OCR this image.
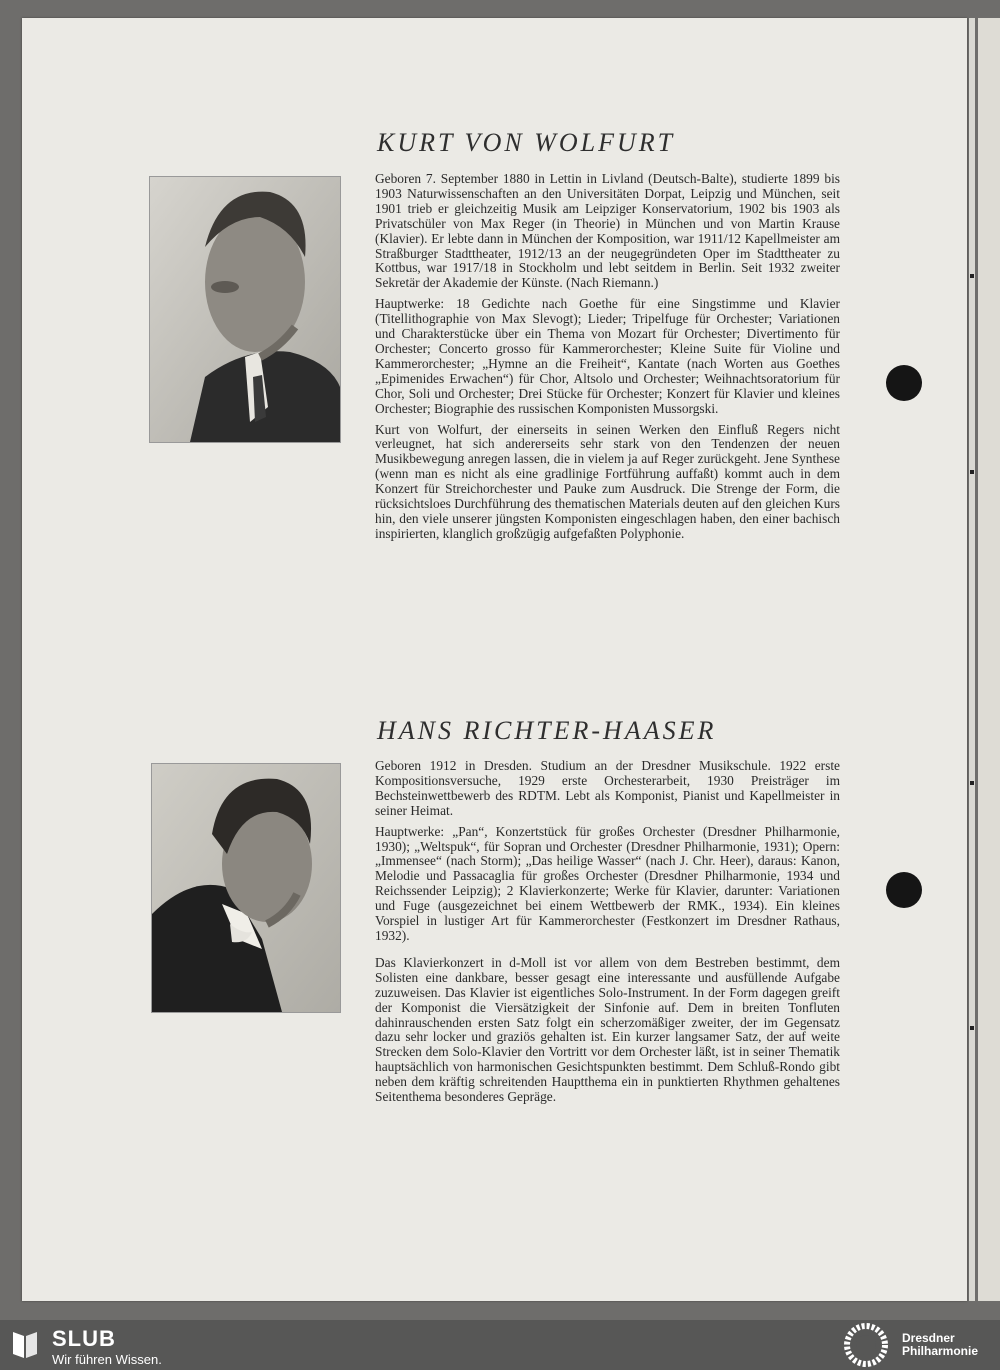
KURT VON WOLFURT

Geboren 7. September 1880 in Lettin in Livland (Deutsch-Balte), studierte 1899 bis 1903 Naturwissenschaften an den Universitäten Dorpat, Leipzig und München, seit 1901 trieb er gleichzeitig Musik am Leipziger Konservatorium, 1902 bis 1903 als Privatschüler von Max Reger (in Theorie) in München und von Martin Krause (Klavier). Er lebte dann in München der Komposition, war 1911/12 Kapellmeister am Straßburger Stadttheater, 1912/13 an der neugegründeten Oper im Stadttheater zu Kottbus, war 1917/18 in Stockholm und lebt seitdem in Berlin. Seit 1932 zweiter Sekretär der Akademie der Künste. (Nach Riemann.)

Hauptwerke: 18 Gedichte nach Goethe für eine Singstimme und Klavier (Titellithographie von Max Slevogt); Lieder; Tripelfuge für Orchester; Variationen und Charakterstücke über ein Thema von Mozart für Orchester; Divertimento für Orchester; Concerto grosso für Kammerorchester; Kleine Suite für Violine und Kammerorchester; „Hymne an die Freiheit“, Kantate (nach Worten aus Goethes „Epimenides Erwachen“) für Chor, Altsolo und Orchester; Weihnachtsoratorium für Chor, Soli und Orchester; Drei Stücke für Orchester; Konzert für Klavier und kleines Orchester; Biographie des russischen Komponisten Mussorgski.

Kurt von Wolfurt, der einerseits in seinen Werken den Einfluß Regers nicht verleugnet, hat sich andererseits sehr stark von den Tendenzen der neuen Musikbewegung anregen lassen, die in vielem ja auf Reger zurückgeht. Jene Synthese (wenn man es nicht als eine gradlinige Fortführung auffaßt) kommt auch in dem Konzert für Streichorchester und Pauke zum Ausdruck. Die Strenge der Form, die rücksichtsloes Durchführung des thematischen Materials deuten auf den gleichen Kurs hin, den viele unserer jüngsten Komponisten eingeschlagen haben, den einer bachisch inspirierten, klanglich großzügig aufgefaßten Polyphonie.

HANS RICHTER-HAASER

Geboren 1912 in Dresden. Studium an der Dresdner Musikschule. 1922 erste Kompositionsversuche, 1929 erste Orchesterarbeit, 1930 Preisträger im Bechsteinwettbewerb des RDTM. Lebt als Komponist, Pianist und Kapellmeister in seiner Heimat.

Hauptwerke: „Pan“, Konzertstück für großes Orchester (Dresdner Philharmonie, 1930); „Weltspuk“, für Sopran und Orchester (Dresdner Philharmonie, 1931); Opern: „Immensee“ (nach Storm); „Das heilige Wasser“ (nach J. Chr. Heer), daraus: Kanon, Melodie und Passacaglia für großes Orchester (Dresdner Philharmonie, 1934 und Reichssender Leipzig); 2 Klavierkonzerte; Werke für Klavier, darunter: Variationen und Fuge (ausgezeichnet bei einem Wettbewerb der RMK., 1934). Ein kleines Vorspiel in lustiger Art für Kammerorchester (Festkonzert im Dresdner Rathaus, 1932).

Das Klavierkonzert in d-Moll ist vor allem von dem Bestreben bestimmt, dem Solisten eine dankbare, besser gesagt eine interessante und ausfüllende Aufgabe zuzuweisen. Das Klavier ist eigentliches Solo-Instrument. In der Form dagegen greift der Komponist die Viersätzigkeit der Sinfonie auf. Dem in breiten Tonfluten dahinrauschenden ersten Satz folgt ein scherzomäßiger zweiter, der im Gegensatz dazu sehr locker und graziös gehalten ist. Ein kurzer langsamer Satz, der auf weite Strecken dem Solo-Klavier den Vortritt vor dem Orchester läßt, ist in seiner Thematik hauptsächlich von harmonischen Gesichtspunkten bestimmt. Dem Schluß-Rondo gibt neben dem kräftig schreitenden Hauptthema ein in punktierten Rhythmen gehaltenes Seitenthema besonderes Gepräge.

SLUB
Wir führen Wissen.
Dresdner
Philharmonie
